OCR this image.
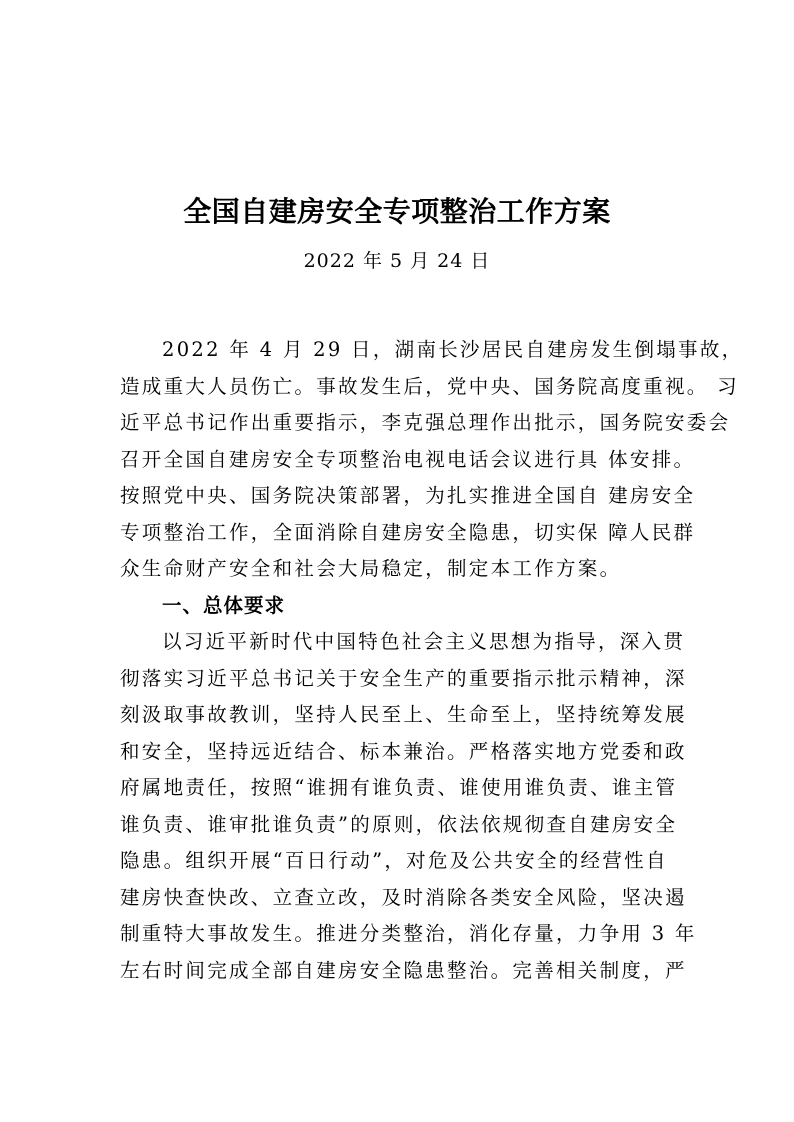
全国自建房安全专项整治工作方案
2022 年 5 月 24 日
2022 年 4 月 29 日，湖南长沙居民自建房发生倒塌事故，
造成重大人员伤亡。事故发生后，党中央、国务院高度重视。 习
近平总书记作出重要指示，李克强总理作出批示，国务院安委会
召开全国自建房安全专项整治电视电话会议进行具 体安排。
按照党中央、国务院决策部署，为扎实推进全国自 建房安全
专项整治工作，全面消除自建房安全隐患，切实保 障人民群
众生命财产安全和社会大局稳定，制定本工作方案。
一、总体要求
以习近平新时代中国特色社会主义思想为指导，深入贯
彻落实习近平总书记关于安全生产的重要指示批示精神，深
刻汲取事故教训，坚持人民至上、生命至上，坚持统筹发展
和安全，坚持远近结合、标本兼治。严格落实地方党委和政
府属地责任，按照“谁拥有谁负责、谁使用谁负责、谁主管
谁负责、谁审批谁负责”的原则，依法依规彻查自建房安全
隐患。组织开展“百日行动”，对危及公共安全的经营性自
建房快查快改、立查立改，及时消除各类安全风险，坚决遏
制重特大事故发生。推进分类整治，消化存量，力争用 3 年
左右时间完成全部自建房安全隐患整治。完善相关制度，严
